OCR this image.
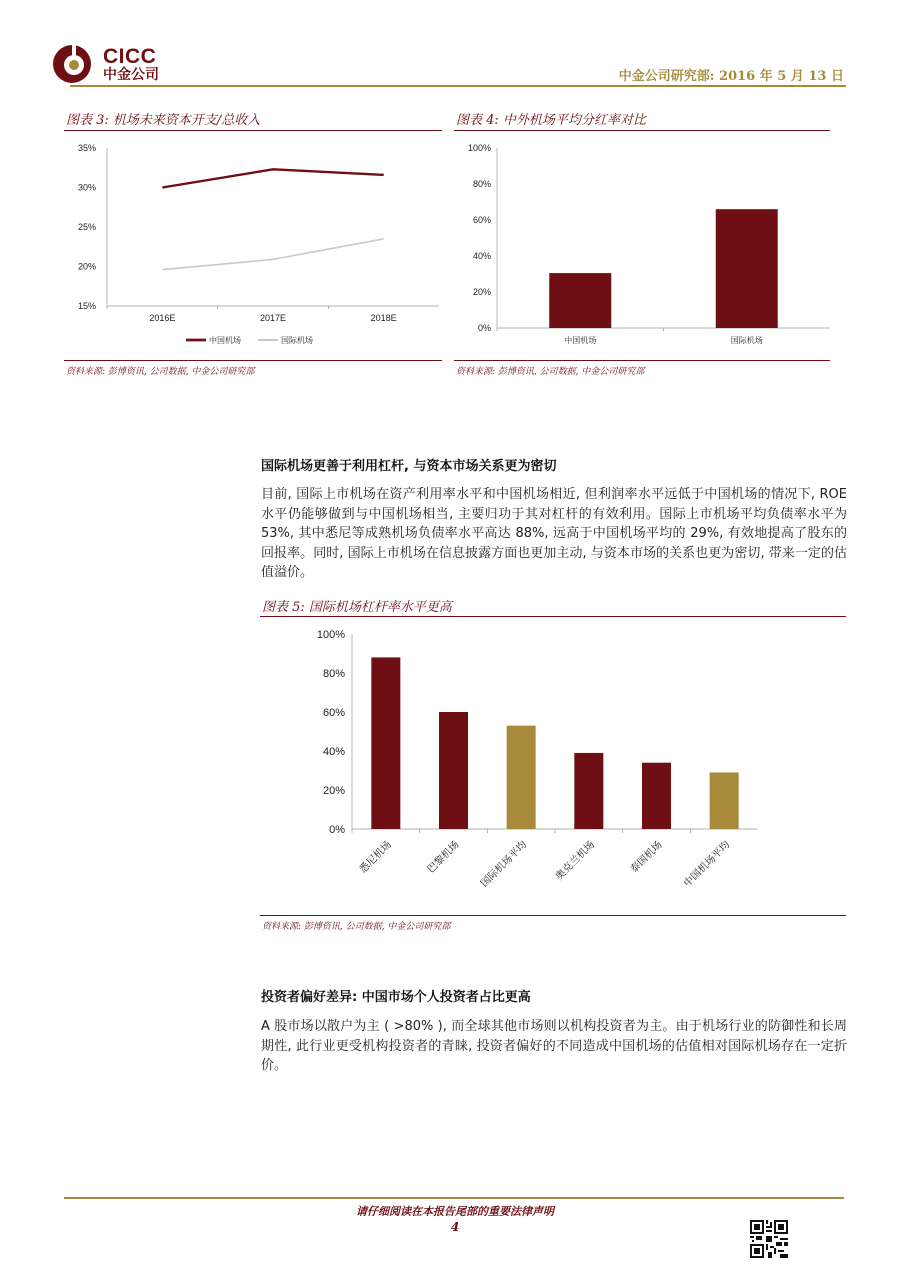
CICC
中金公司	中金公司研究部: 2016 年 5 月 13 日
图表 3: 机场未来资本开支/总收入
15%
20%
25%
30%
35%
2016E	2017E	2018E
中国机场	国际机场
资料来源: 彭博资讯, 公司数据, 中金公司研究部
图表 4: 中外机场平均分红率对比
0%
20%
40%
60%
80%
100%
中国机场	国际机场
资料来源: 彭博资讯, 公司数据, 中金公司研究部
国际机场更善于利用杠杆, 与资本市场关系更为密切
目前, 国际上市机场在资产利用率水平和中国机场相近, 但利润率水平远低于中国机场的情况下, ROE 水平仍能够做到与中国机场相当, 主要归功于其对杠杆的有效利用。国际上市机场平均负债率水平为 53%, 其中悉尼等成熟机场负债率水平高达 88%, 远高于中国机场平均的 29%, 有效地提高了股东的回报率。同时, 国际上市机场在信息披露方面也更加主动, 与资本市场的关系也更为密切, 带来一定的估值溢价。
图表 5: 国际机场杠杆率水平更高
0%
20%
40%
60%
80%
100%
悉尼机场	巴黎机场 国际机场平均 奥克兰机场	泰国机场 中国机场平均
资料来源: 彭博资讯, 公司数据, 中金公司研究部
投资者偏好差异: 中国市场个人投资者占比更高
A 股市场以散户为主 ( >80% ), 而全球其他市场则以机构投资者为主。由于机场行业的防御性和长周期性, 此行业更受机构投资者的青睐, 投资者偏好的不同造成中国机场的估值相对国际机场存在一定折价。
请仔细阅读在本报告尾部的重要法律声明
4
